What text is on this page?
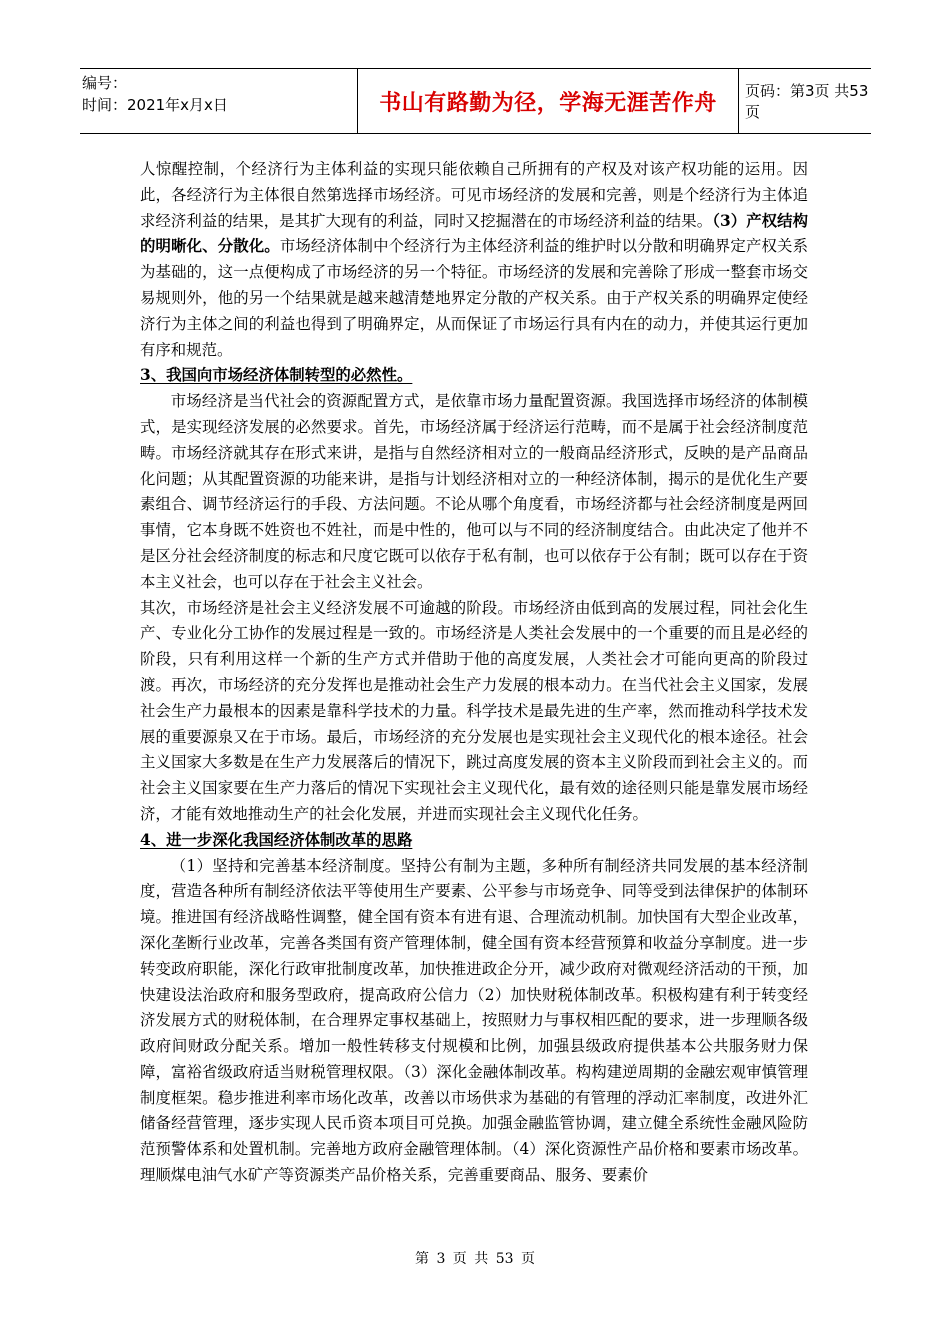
编号：
时间：2021年x月x日	书山有路勤为径，学海无涯苦作舟 页码：第3页 共53页

人惊醒控制，个经济行为主体利益的实现只能依赖自己所拥有的产权及对该产权功能的运用。因此，各经济行为主体很自然第选择市场经济。可见市场经济的发展和完善，则是个经济行为主体追求经济利益的结果，是其扩大现有的利益，同时又挖掘潜在的市场经济利益的结果。（3）产权结构的明晰化、分散化。市场经济体制中个经济行为主体经济利益的维护时以分散和明确界定产权关系为基础的，这一点便构成了市场经济的另一个特征。市场经济的发展和完善除了形成一整套市场交易规则外，他的另一个结果就是越来越清楚地界定分散的产权关系。由于产权关系的明确界定使经济行为主体之间的利益也得到了明确界定，从而保证了市场运行具有内在的动力，并使其运行更加有序和规范。

3、我国向市场经济体制转型的必然性。

市场经济是当代社会的资源配置方式，是依靠市场力量配置资源。我国选择市场经济的体制模式，是实现经济发展的必然要求。首先，市场经济属于经济运行范畴，而不是属于社会经济制度范畴。市场经济就其存在形式来讲，是指与自然经济相对立的一般商品经济形式，反映的是产品商品化问题；从其配置资源的功能来讲，是指与计划经济相对立的一种经济体制，揭示的是优化生产要素组合、调节经济运行的手段、方法问题。不论从哪个角度看，市场经济都与社会经济制度是两回事情，它本身既不姓资也不姓社，而是中性的，他可以与不同的经济制度结合。由此决定了他并不是区分社会经济制度的标志和尺度它既可以依存于私有制，也可以依存于公有制；既可以存在于资本主义社会，也可以存在于社会主义社会。

其次，市场经济是社会主义经济发展不可逾越的阶段。市场经济由低到高的发展过程，同社会化生产、专业化分工协作的发展过程是一致的。市场经济是人类社会发展中的一个重要的而且是必经的阶段，只有利用这样一个新的生产方式并借助于他的高度发展，人类社会才可能向更高的阶段过渡。再次，市场经济的充分发挥也是推动社会生产力发展的根本动力。在当代社会主义国家，发展社会生产力最根本的因素是靠科学技术的力量。科学技术是最先进的生产率，然而推动科学技术发展的重要源泉又在于市场。最后，市场经济的充分发展也是实现社会主义现代化的根本途径。社会主义国家大多数是在生产力发展落后的情况下，跳过高度发展的资本主义阶段而到社会主义的。而社会主义国家要在生产力落后的情况下实现社会主义现代化，最有效的途径则只能是靠发展市场经济，才能有效地推动生产的社会化发展，并进而实现社会主义现代化任务。

4、进一步深化我国经济体制改革的思路

（1）坚持和完善基本经济制度。坚持公有制为主题，多种所有制经济共同发展的基本经济制度，营造各种所有制经济依法平等使用生产要素、公平参与市场竞争、同等受到法律保护的体制环境。推进国有经济战略性调整，健全国有资本有进有退、合理流动机制。加快国有大型企业改革，深化垄断行业改革，完善各类国有资产管理体制，健全国有资本经营预算和收益分享制度。进一步转变政府职能，深化行政审批制度改革，加快推进政企分开，减少政府对微观经济活动的干预，加快建设法治政府和服务型政府，提高政府公信力（2）加快财税体制改革。积极构建有利于转变经济发展方式的财税体制，在合理界定事权基础上，按照财力与事权相匹配的要求，进一步理顺各级政府间财政分配关系。增加一般性转移支付规模和比例，加强县级政府提供基本公共服务财力保障，富裕省级政府适当财税管理权限。（3）深化金融体制改革。构构建逆周期的金融宏观审慎管理制度框架。稳步推进利率市场化改革，改善以市场供求为基础的有管理的浮动汇率制度，改进外汇储备经营管理，逐步实现人民币资本项目可兑换。加强金融监管协调，建立健全系统性金融风险防范预警体系和处置机制。完善地方政府金融管理体制。（4）深化资源性产品价格和要素市场改革。理顺煤电油气水矿产等资源类产品价格关系，完善重要商品、服务、要素价

第 3 页 共 53 页
